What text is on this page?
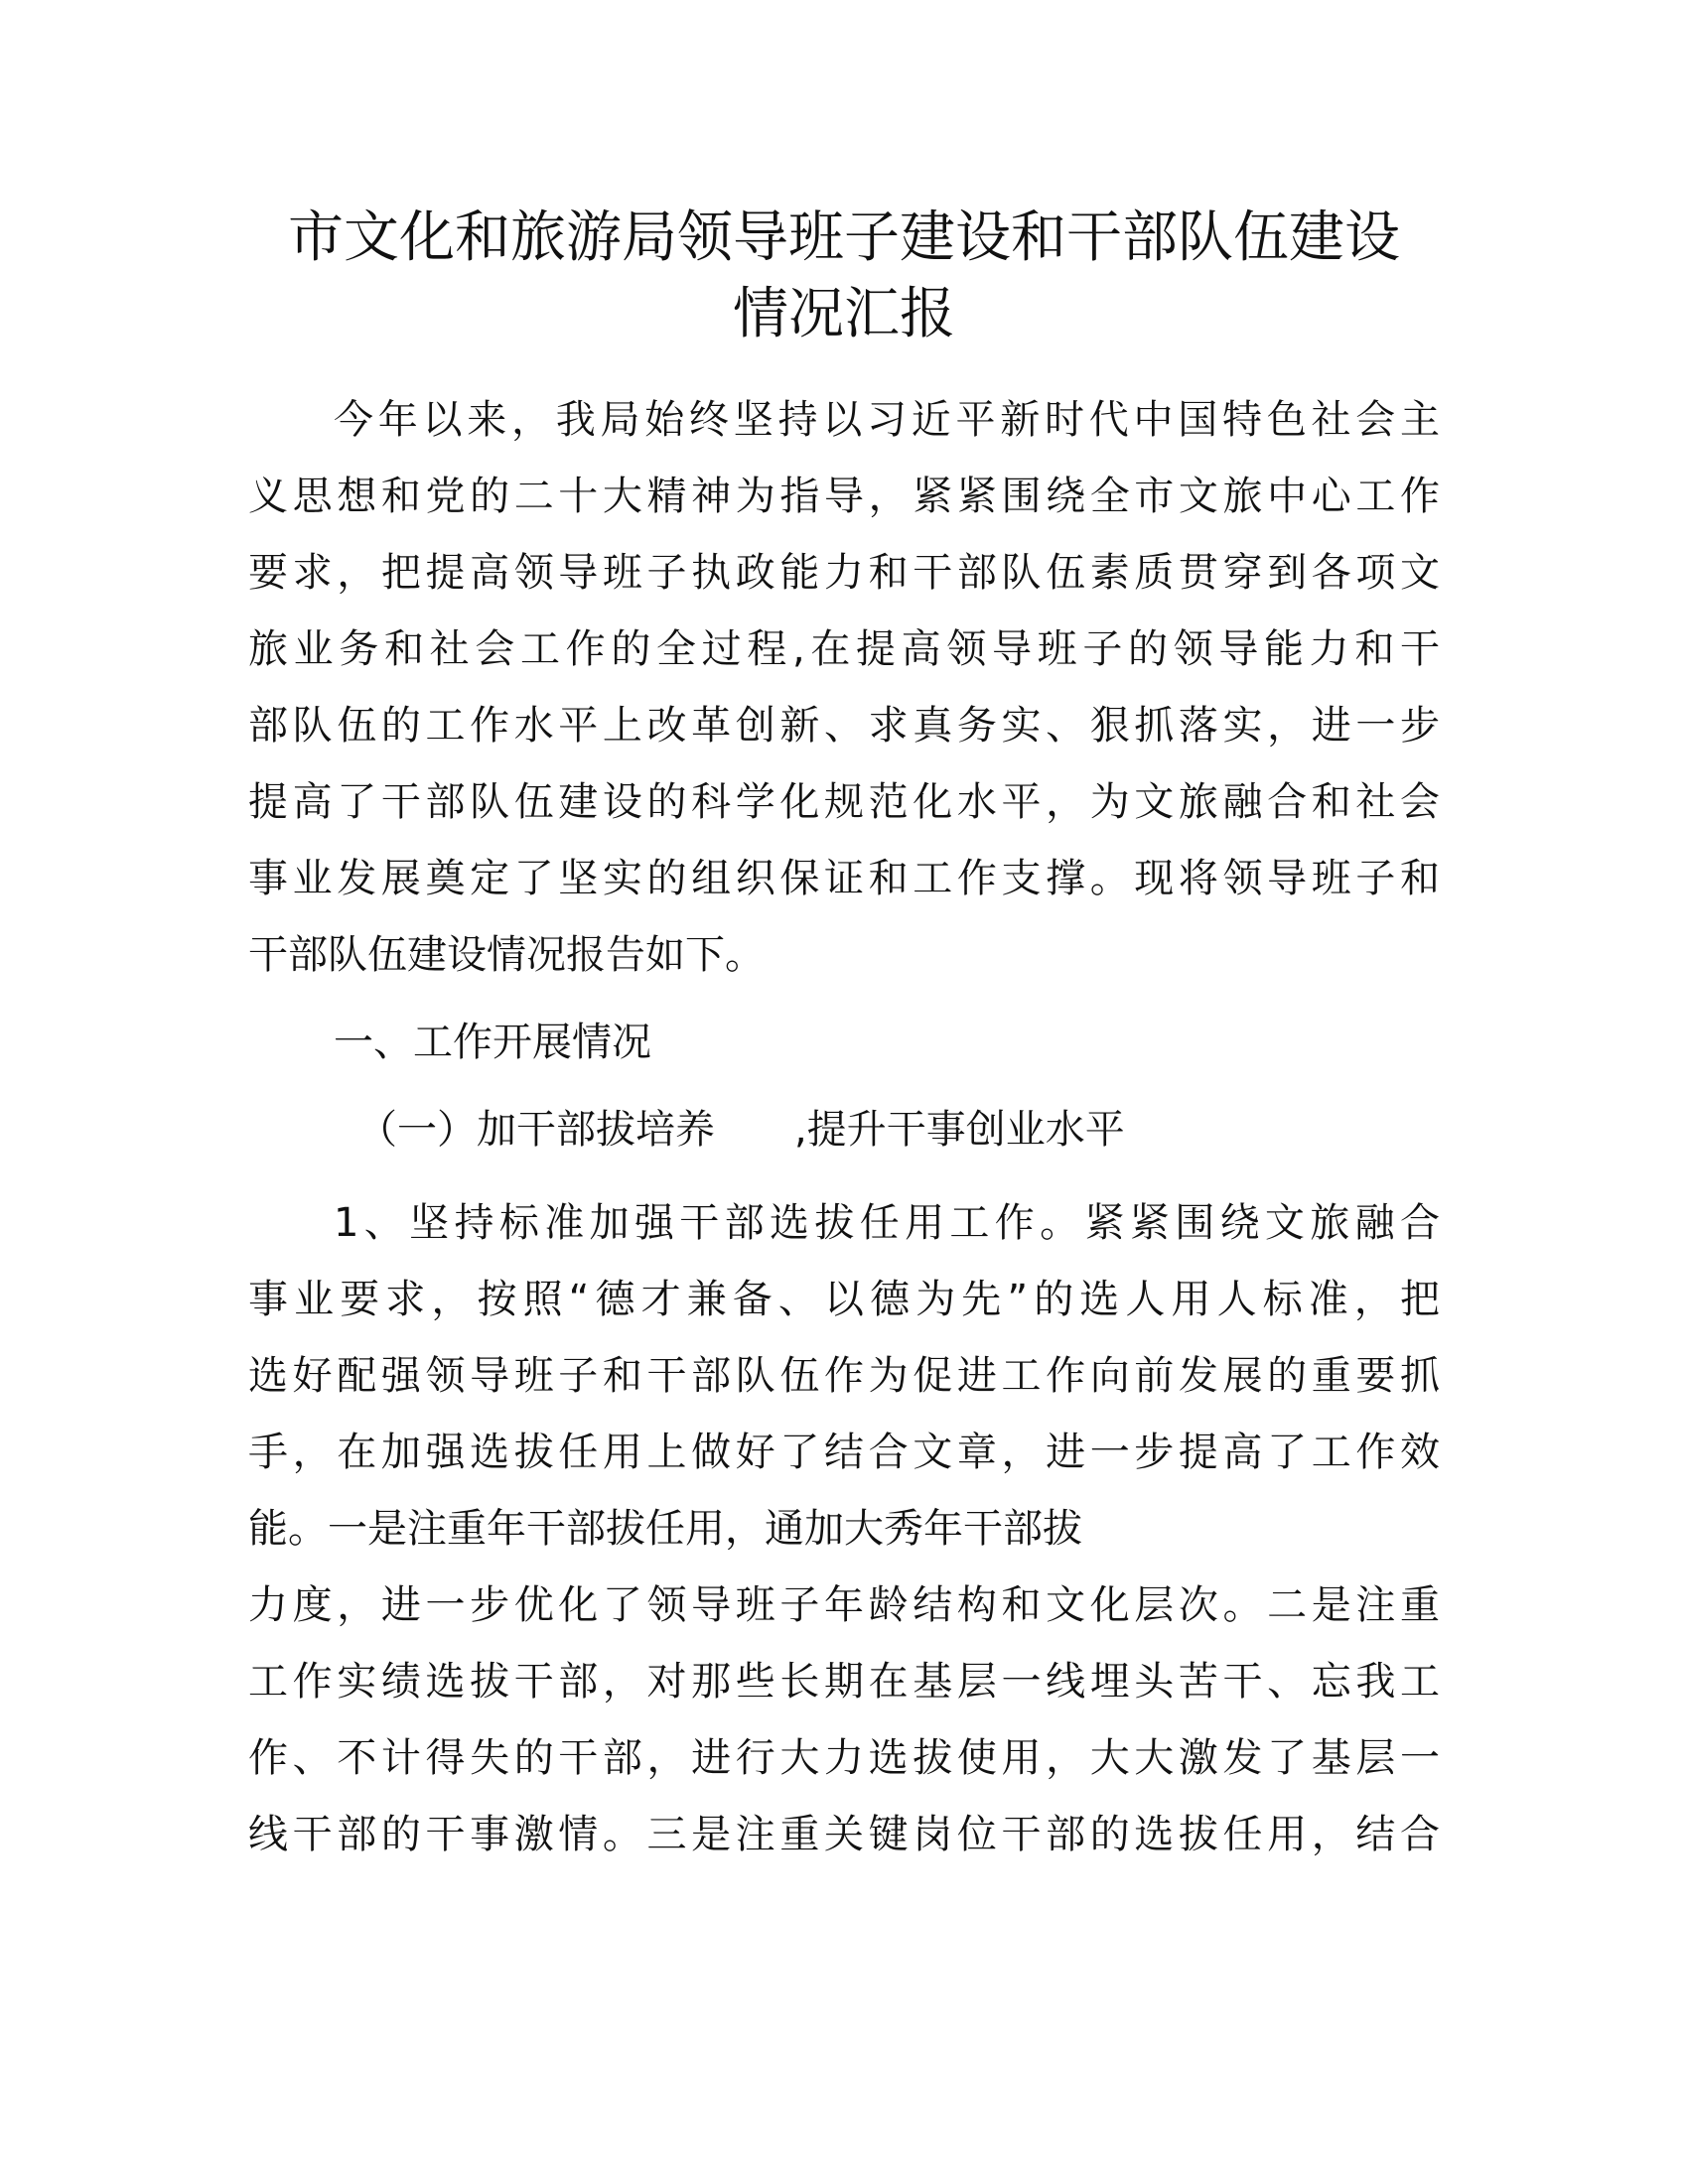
市文化和旅游局领导班子建设和干部队伍建设
情况汇报

今年以来，我局始终坚持以习近平新时代中国特色社会主

义思想和党的二十大精神为指导，紧紧围绕全市文旅中心工作

要求，把提高领导班子执政能力和干部队伍素质贯穿到各项文

旅业务和社会工作的全过程,在提高领导班子的领导能力和干

部队伍的工作水平上改革创新、求真务实、狠抓落实，进一步

提高了干部队伍建设的科学化规范化水平，为文旅融合和社会

事业发展奠定了坚实的组织保证和工作支撑。现将领导班子和

干部队伍建设情况报告如下。

一、工作开展情况

（一）加干部拔培养　　,提升干事创业水平

1、坚持标准加强干部选拔任用工作。紧紧围绕文旅融合

事业要求，按照“德才兼备、以德为先”的选人用人标准，把

选好配强领导班子和干部队伍作为促进工作向前发展的重要抓

手，在加强选拔任用上做好了结合文章，进一步提高了工作效

能。一是注重年干部拔任用，通加大秀年干部拔

力度，进一步优化了领导班子年龄结构和文化层次。二是注重

工作实绩选拔干部，对那些长期在基层一线埋头苦干、忘我工

作、不计得失的干部，进行大力选拔使用，大大激发了基层一

线干部的干事激情。三是注重关键岗位干部的选拔任用，结合
